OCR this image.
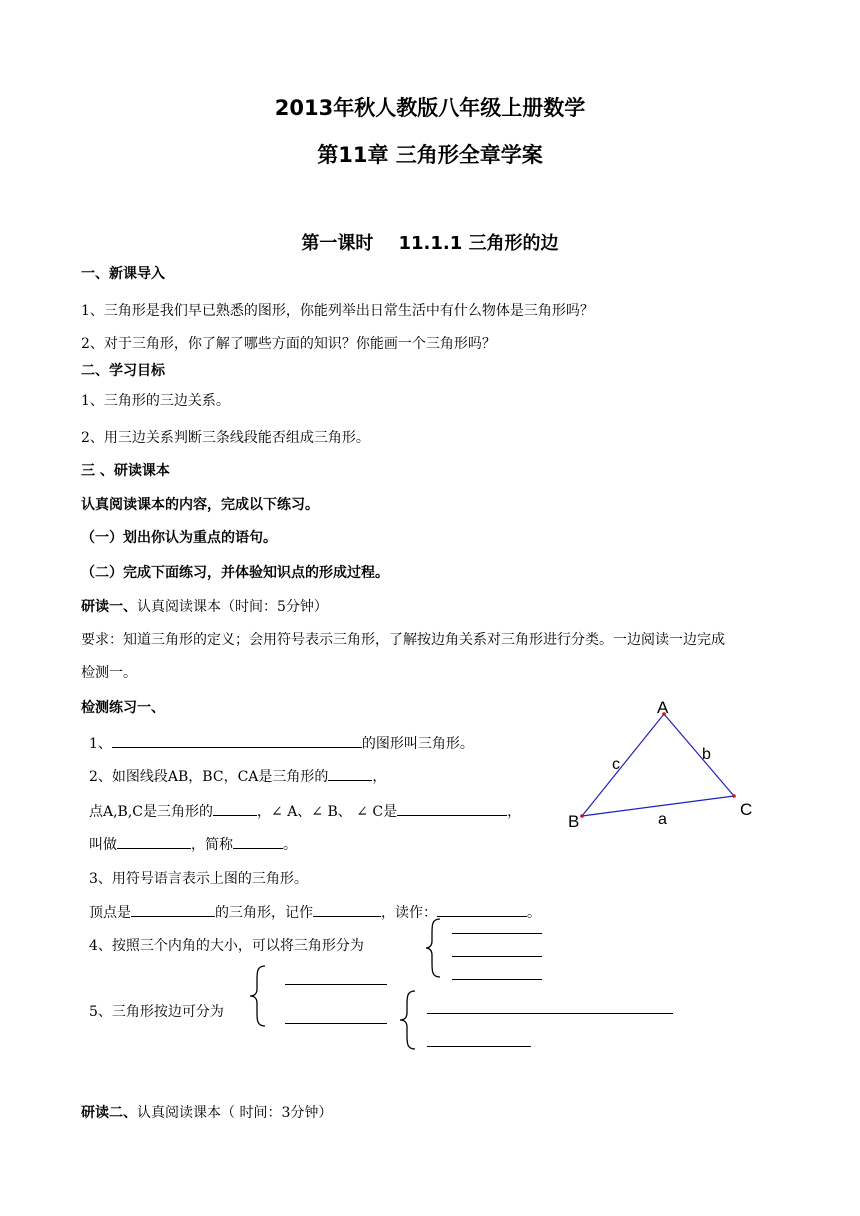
2013年秋人教版八年级上册数学
第11章 三角形全章学案
第一课时 11.1.1 三角形的边
一、新课导入
1、三角形是我们早已熟悉的图形，你能列举出日常生活中有什么物体是三角形吗？
2、对于三角形，你了解了哪些方面的知识？你能画一个三角形吗？
二、学习目标
1、三角形的三边关系。
2、用三边关系判断三条线段能否组成三角形。
三 、研读课本
认真阅读课本的内容，完成以下练习。
（一）划出你认为重点的语句。
（二）完成下面练习，并体验知识点的形成过程。
研读一、认真阅读课本（时间：5分钟）
要求：知道三角形的定义；会用符号表示三角形，了解按边角关系对三角形进行分类。一边阅读一边完成
检测一。
检测练习一、
1、	的图形叫三角形。
2、如图线段AB，BC，CA是三角形的	，
点A,B,C是三角形的	，∠ A、∠ B、 ∠ C是	，
叫做	，简称	。
3、用符号语言表示上图的三角形。
顶点是	的三角形，记作	，读作：	。
4、按照三个内角的大小，可以将三角形分为
5、三角形按边可分为
A
B
C
c
b
a
研读二、认真阅读课本（ 时间：3分钟）
